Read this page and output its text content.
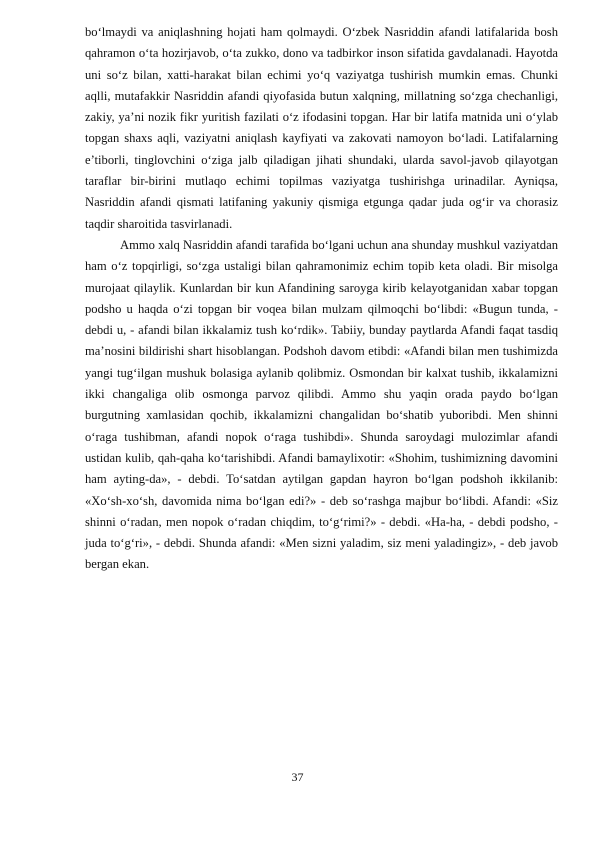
bo‘lmaydi va aniqlashning hojati ham qolmaydi. O‘zbek Nasriddin afandi latifalarida bosh qahramon o‘ta hozirjavob, o‘ta zukko, dono va tadbirkor inson sifatida gavdalanadi. Hayotda uni so‘z bilan, xatti-harakat bilan echimi yo‘q vaziyatga tushirish mumkin emas. Chunki aqlli, mutafakkir Nasriddin afandi qiyofasida butun xalqning, millatning so‘zga chechanligi, zakiy, ya’ni nozik fikr yuritish fazilati o‘z ifodasini topgan. Har bir latifa matnida uni o‘ylab topgan shaxs aqli, vaziyatni aniqlash kayfiyati va zakovati namoyon bo‘ladi. Latifalarning e’tiborli, tinglovchini o‘ziga jalb qiladigan jihati shundaki, ularda savol-javob qilayotgan taraflar bir-birini mutlaqo echimi topilmas vaziyatga tushirishga urinadilar. Ayniqsa, Nasriddin afandi qismati latifaning yakuniy qismiga etgunga qadar juda og‘ir va chorasiz taqdir sharoitida tasvirlanadi.

Ammo xalq Nasriddin afandi tarafida bo‘lgani uchun ana shunday mushkul vaziyatdan ham o‘z topqirligi, so‘zga ustaligi bilan qahramonimiz echim topib keta oladi. Bir misolga murojaat qilaylik. Kunlardan bir kun Afandining saroyga kirib kelayotganidan xabar topgan podsho u haqda o‘zi topgan bir voqea bilan mulzam qilmoqchi bo‘libdi: «Bugun tunda, - debdi u, - afandi bilan ikkalamiz tush ko‘rdik». Tabiiy, bunday paytlarda Afandi faqat tasdiq ma’nosini bildirishi shart hisoblangan. Podshoh davom etibdi: «Afandi bilan men tushimizda yangi tug‘ilgan mushuk bolasiga aylanib qolibmiz. Osmondan bir kalxat tushib, ikkalamizni ikki changaliga olib osmonga parvoz qilibdi. Ammo shu yaqin orada paydo bo‘lgan burgutning xamlasidan qochib, ikkalamizni changalidan bo‘shatib yuboribdi. Men shinni o‘raga tushibman, afandi nopok o‘raga tushibdi». Shunda saroydagi mulozimlar afandi ustidan kulib, qah-qaha ko‘tarishibdi. Afandi bamaylixotir: «Shohim, tushimizning davomini ham ayting-da», - debdi. To‘satdan aytilgan gapdan hayron bo‘lgan podshoh ikkilanib: «Xo‘sh-xo‘sh, davomida nima bo‘lgan edi?» - deb so‘rashga majbur bo‘libdi. Afandi: «Siz shinni o‘radan, men nopok o‘radan chiqdim, to‘g‘rimi?» - debdi. «Ha-ha, - debdi podsho, - juda to‘g‘ri», - debdi. Shunda afandi: «Men sizni yaladim, siz meni yaladingiz», - deb javob bergan ekan.

37
